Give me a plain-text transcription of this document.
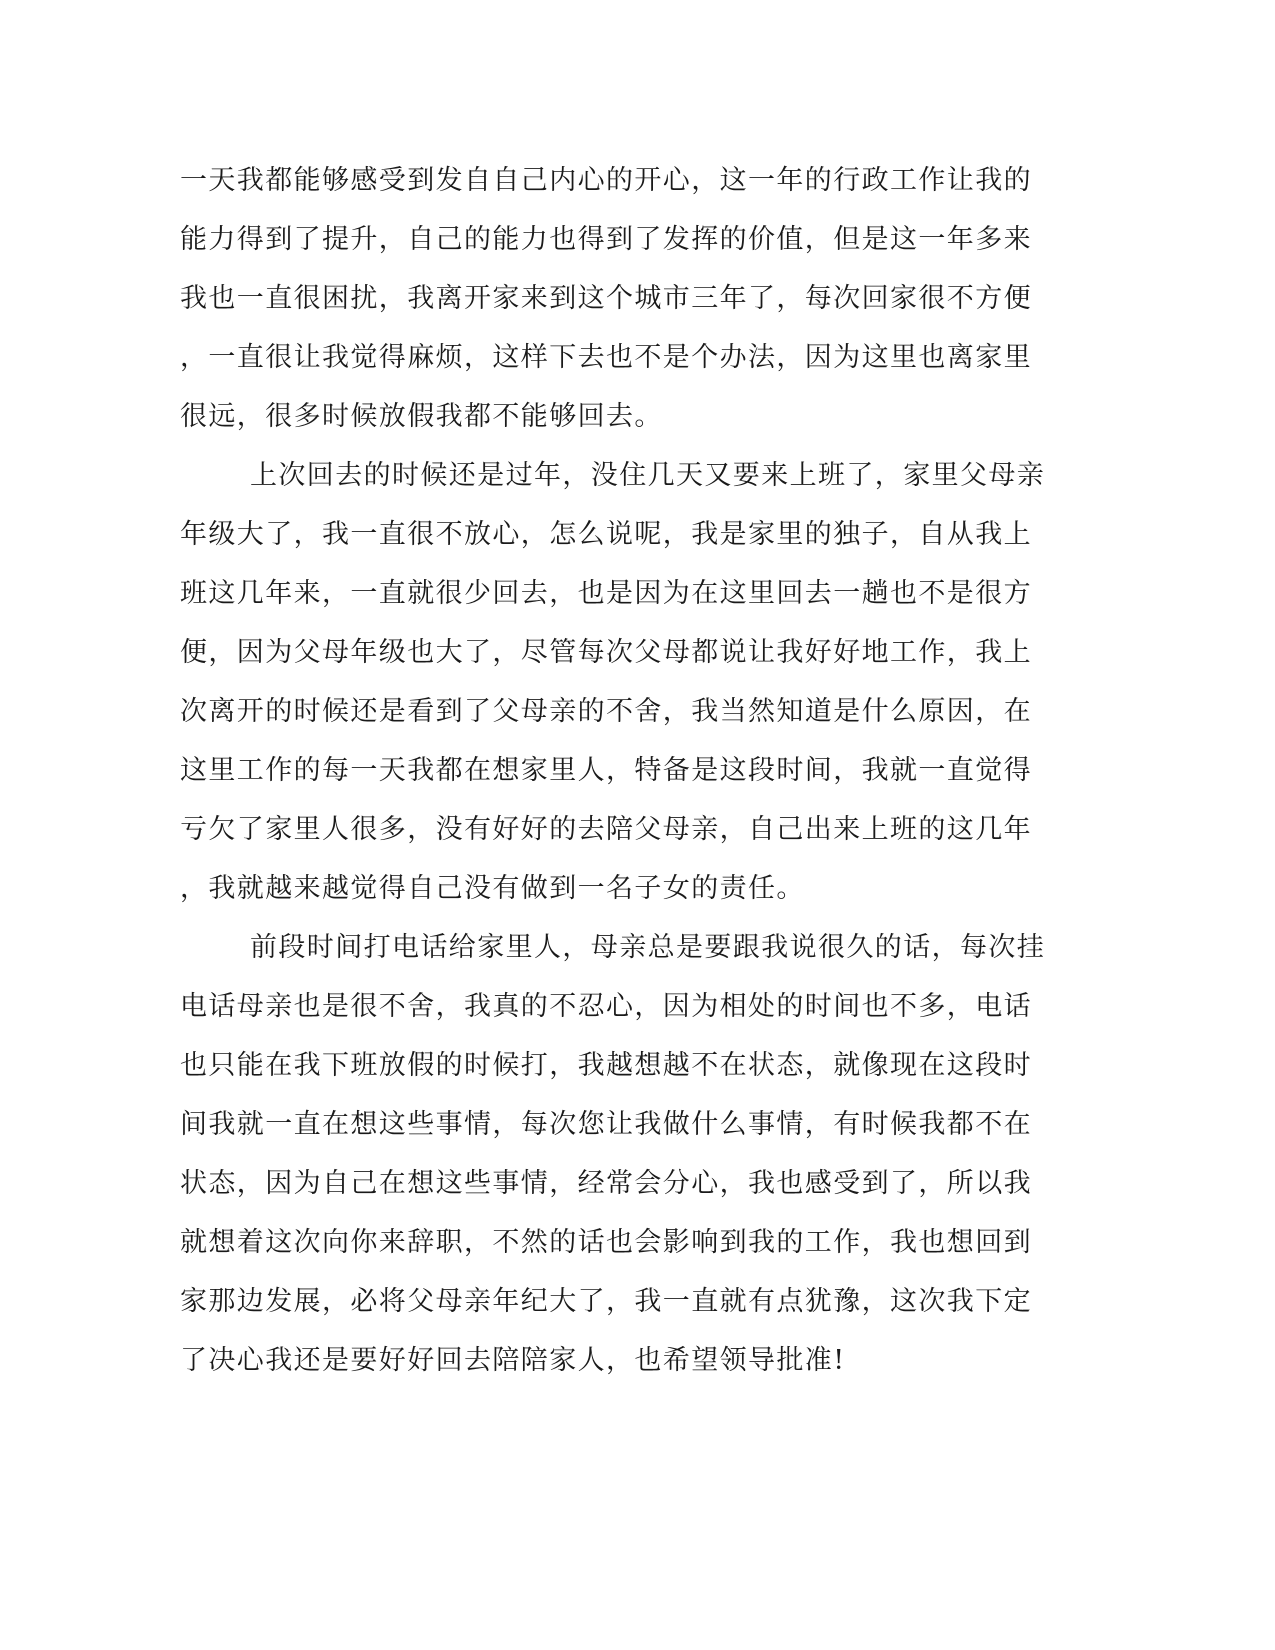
一天我都能够感受到发自自己内心的开心，这一年的行政工作让我的
能力得到了提升，自己的能力也得到了发挥的价值，但是这一年多来
我也一直很困扰，我离开家来到这个城市三年了，每次回家很不方便
，一直很让我觉得麻烦，这样下去也不是个办法，因为这里也离家里
很远，很多时候放假我都不能够回去。
上次回去的时候还是过年，没住几天又要来上班了，家里父母亲
年级大了，我一直很不放心，怎么说呢，我是家里的独子，自从我上
班这几年来，一直就很少回去，也是因为在这里回去一趟也不是很方
便，因为父母年级也大了，尽管每次父母都说让我好好地工作，我上
次离开的时候还是看到了父母亲的不舍，我当然知道是什么原因，在
这里工作的每一天我都在想家里人，特备是这段时间，我就一直觉得
亏欠了家里人很多，没有好好的去陪父母亲，自己出来上班的这几年
，我就越来越觉得自己没有做到一名子女的责任。
前段时间打电话给家里人，母亲总是要跟我说很久的话，每次挂
电话母亲也是很不舍，我真的不忍心，因为相处的时间也不多，电话
也只能在我下班放假的时候打，我越想越不在状态，就像现在这段时
间我就一直在想这些事情，每次您让我做什么事情，有时候我都不在
状态，因为自己在想这些事情，经常会分心，我也感受到了，所以我
就想着这次向你来辞职，不然的话也会影响到我的工作，我也想回到
家那边发展，必将父母亲年纪大了，我一直就有点犹豫，这次我下定
了决心我还是要好好回去陪陪家人，也希望领导批准!
